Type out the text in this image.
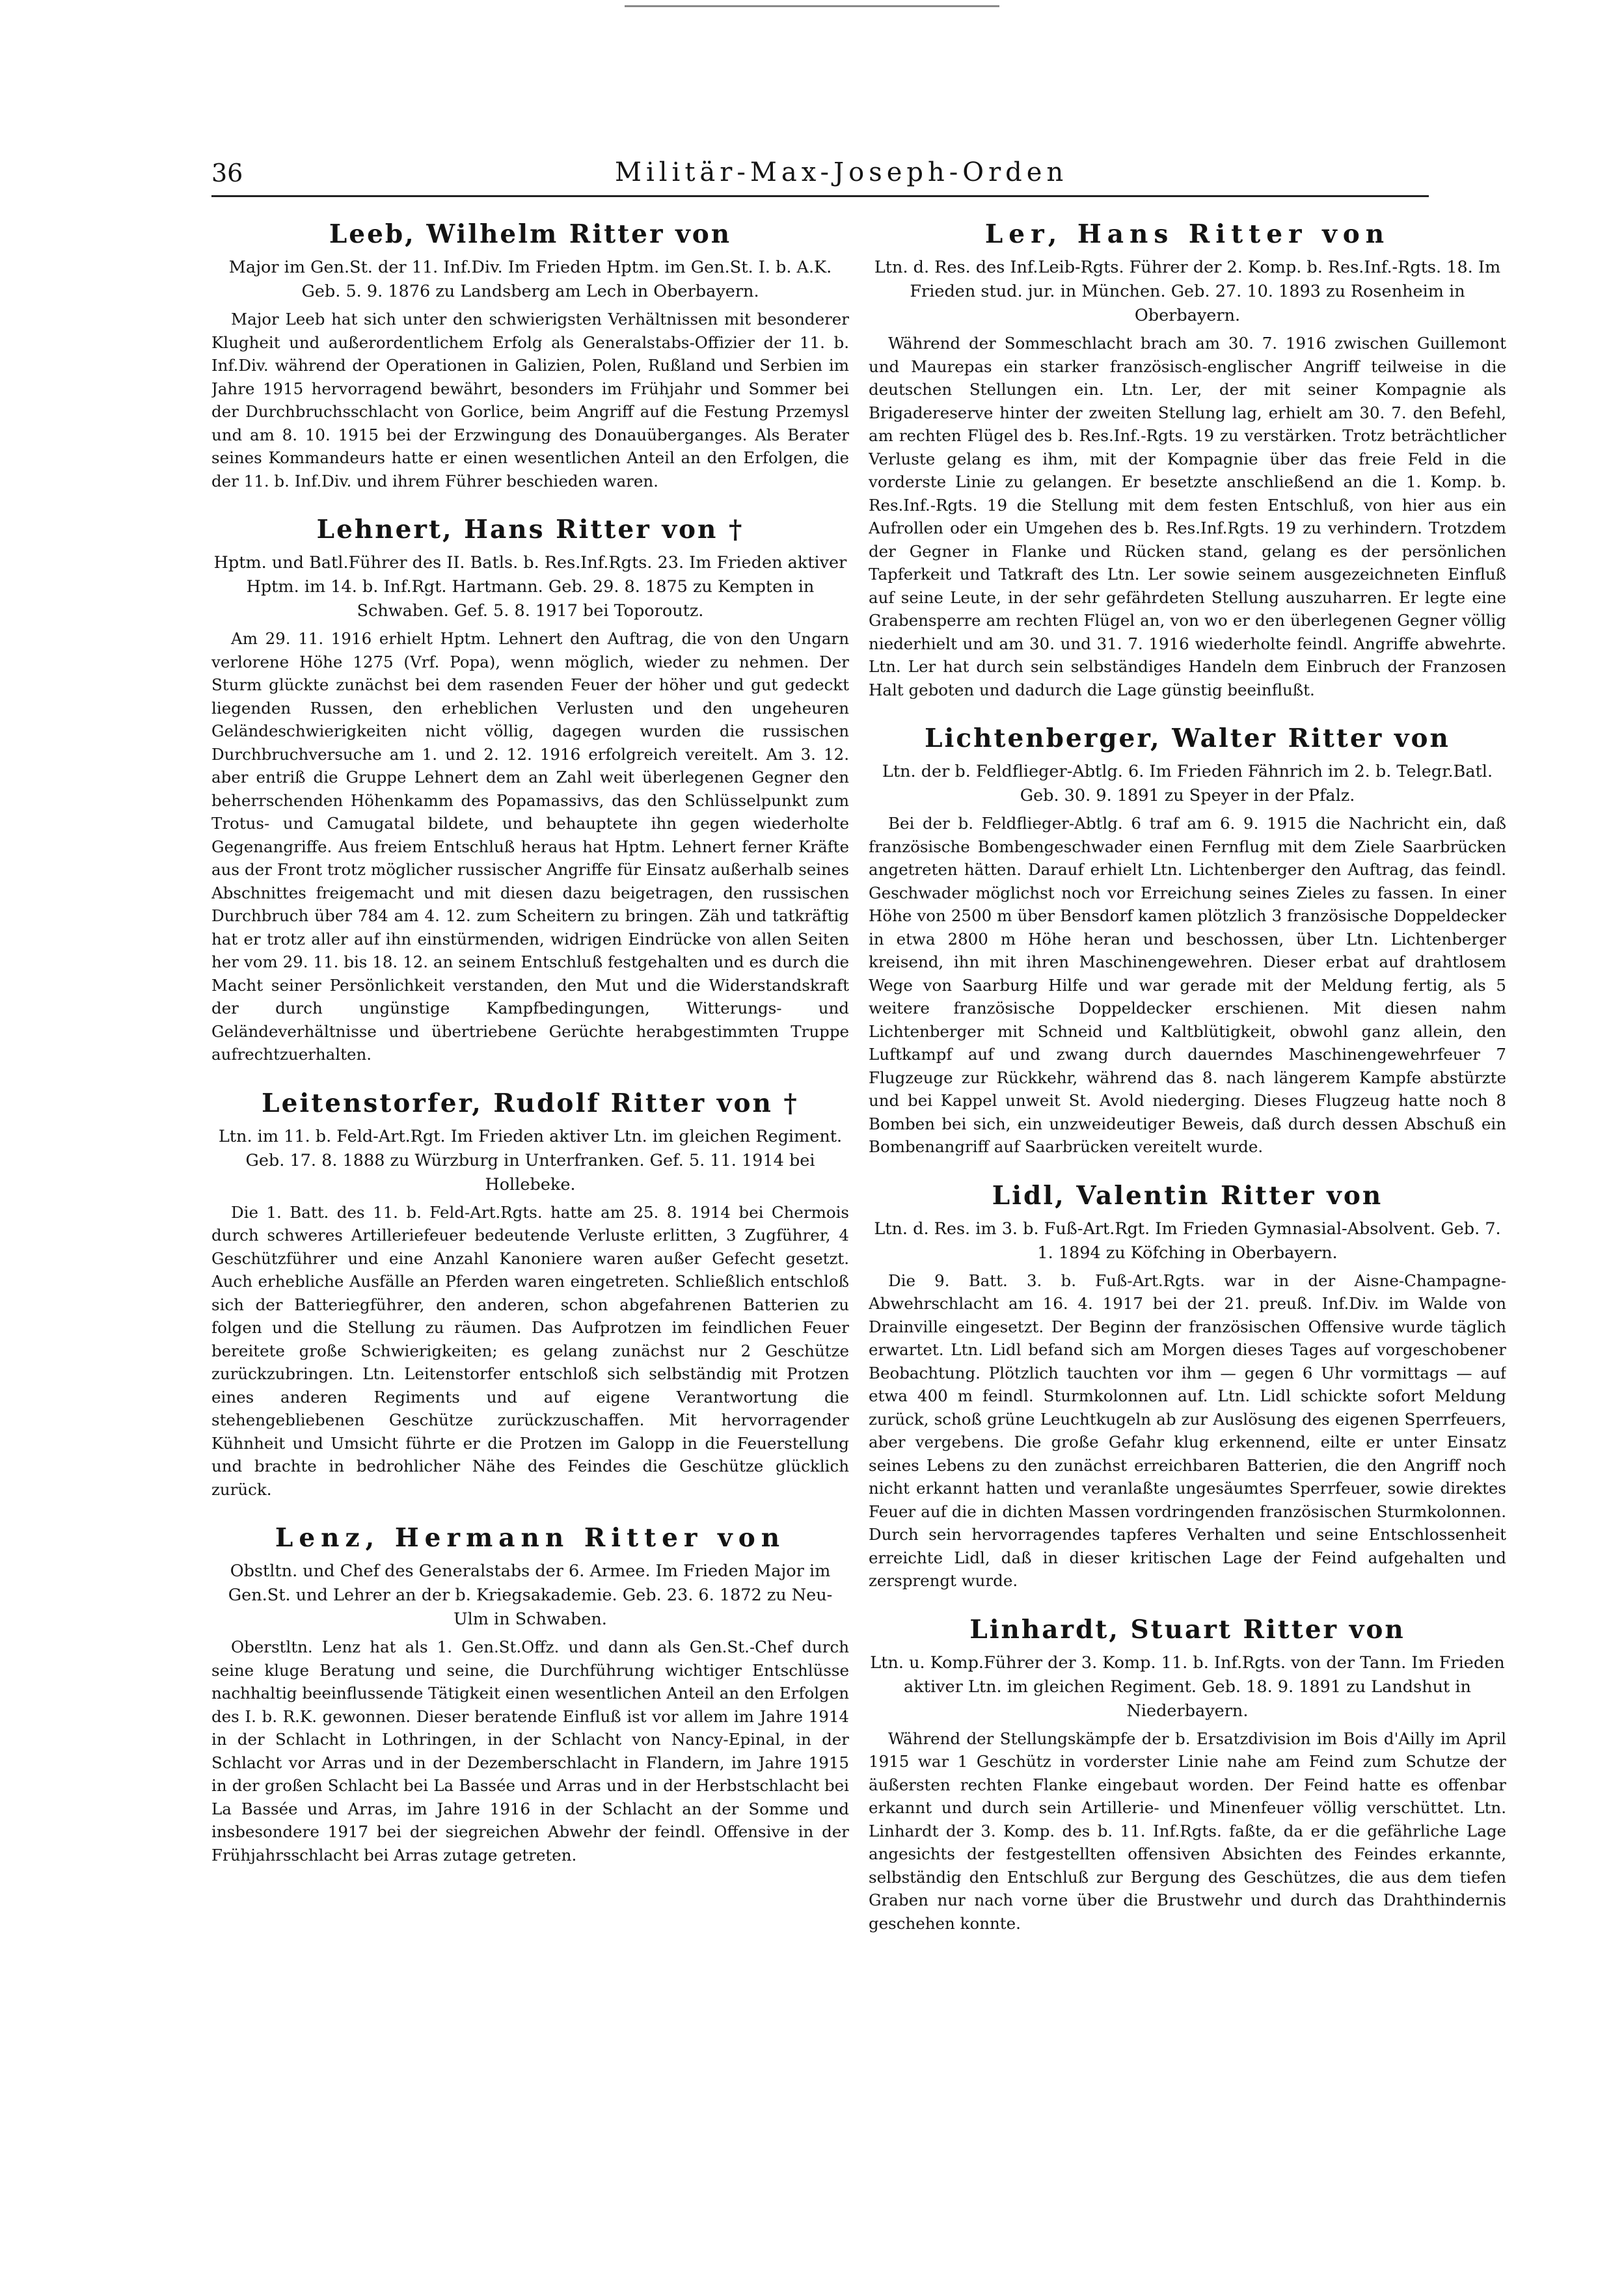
36	Militär-Max-Joseph-Orden
Leeb, Wilhelm Ritter von

Major im Gen.St. der 11. Inf.Div. Im Frieden Hptm. im Gen.St. I. b. A.K. Geb. 5. 9. 1876 zu Landsberg am Lech in Oberbayern.

Major Leeb hat sich unter den schwierigsten Verhältnissen mit besonderer Klugheit und außerordentlichem Erfolg als Generalstabs-Offizier der 11. b. Inf.Div. während der Operationen in Galizien, Polen, Rußland und Serbien im Jahre 1915 hervorragend bewährt, besonders im Frühjahr und Sommer bei der Durchbruchsschlacht von Gorlice, beim Angriff auf die Festung Przemysl und am 8. 10. 1915 bei der Erzwingung des Donauüberganges. Als Berater seines Kommandeurs hatte er einen wesentlichen Anteil an den Erfolgen, die der 11. b. Inf.Div. und ihrem Führer beschieden waren.

Lehnert, Hans Ritter von †

Hptm. und Batl.Führer des II. Batls. b. Res.Inf.Rgts. 23. Im Frieden aktiver Hptm. im 14. b. Inf.Rgt. Hartmann. Geb. 29. 8. 1875 zu Kempten in Schwaben. Gef. 5. 8. 1917 bei Toporoutz.

Am 29. 11. 1916 erhielt Hptm. Lehnert den Auftrag, die von den Ungarn verlorene Höhe 1275 (Vrf. Popa), wenn möglich, wieder zu nehmen. Der Sturm glückte zunächst bei dem rasenden Feuer der höher und gut gedeckt liegenden Russen, den erheblichen Verlusten und den ungeheuren Geländeschwierigkeiten nicht völlig, dagegen wurden die russischen Durchbruchversuche am 1. und 2. 12. 1916 erfolgreich vereitelt. Am 3. 12. aber entriß die Gruppe Lehnert dem an Zahl weit überlegenen Gegner den beherrschenden Höhenkamm des Popamassivs, das den Schlüsselpunkt zum Trotus- und Camugatal bildete, und behauptete ihn gegen wiederholte Gegenangriffe. Aus freiem Entschluß heraus hat Hptm. Lehnert ferner Kräfte aus der Front trotz möglicher russischer Angriffe für Einsatz außerhalb seines Abschnittes freigemacht und mit diesen dazu beigetragen, den russischen Durchbruch über 784 am 4. 12. zum Scheitern zu bringen. Zäh und tatkräftig hat er trotz aller auf ihn einstürmenden, widrigen Eindrücke von allen Seiten her vom 29. 11. bis 18. 12. an seinem Entschluß festgehalten und es durch die Macht seiner Persönlichkeit verstanden, den Mut und die Widerstandskraft der durch ungünstige Kampfbedingungen, Witterungs- und Geländeverhältnisse und übertriebene Gerüchte herabgestimmten Truppe aufrechtzuerhalten.

Leitenstorfer, Rudolf Ritter von †

Ltn. im 11. b. Feld-Art.Rgt. Im Frieden aktiver Ltn. im gleichen Regiment. Geb. 17. 8. 1888 zu Würzburg in Unterfranken. Gef. 5. 11. 1914 bei Hollebeke.

Die 1. Batt. des 11. b. Feld-Art.Rgts. hatte am 25. 8. 1914 bei Chermois durch schweres Artilleriefeuer bedeutende Verluste erlitten, 3 Zugführer, 4 Geschützführer und eine Anzahl Kanoniere waren außer Gefecht gesetzt. Auch erhebliche Ausfälle an Pferden waren eingetreten. Schließlich entschloß sich der Batteriegführer, den anderen, schon abgefahrenen Batterien zu folgen und die Stellung zu räumen. Das Aufprotzen im feindlichen Feuer bereitete große Schwierigkeiten; es gelang zunächst nur 2 Geschütze zurückzubringen. Ltn. Leitenstorfer entschloß sich selbständig mit Protzen eines anderen Regiments und auf eigene Verantwortung die stehengebliebenen Geschütze zurückzuschaffen. Mit hervorragender Kühnheit und Umsicht führte er die Protzen im Galopp in die Feuerstellung und brachte in bedrohlicher Nähe des Feindes die Geschütze glücklich zurück.

Lenz, Hermann Ritter von

Obstltn. und Chef des Generalstabs der 6. Armee. Im Frieden Major im Gen.St. und Lehrer an der b. Kriegsakademie. Geb. 23. 6. 1872 zu Neu-Ulm in Schwaben.

Oberstltn. Lenz hat als 1. Gen.St.Offz. und dann als Gen.St.-Chef durch seine kluge Beratung und seine, die Durchführung wichtiger Entschlüsse nachhaltig beeinflussende Tätigkeit einen wesentlichen Anteil an den Erfolgen des I. b. R.K. gewonnen. Dieser beratende Einfluß ist vor allem im Jahre 1914 in der Schlacht in Lothringen, in der Schlacht von Nancy-Epinal, in der Schlacht vor Arras und in der Dezemberschlacht in Flandern, im Jahre 1915 in der großen Schlacht bei La Bassée und Arras und in der Herbstschlacht bei La Bassée und Arras, im Jahre 1916 in der Schlacht an der Somme und insbesondere 1917 bei der siegreichen Abwehr der feindl. Offensive in der Frühjahrsschlacht bei Arras zutage getreten.

Ler, Hans Ritter von

Ltn. d. Res. des Inf.Leib-Rgts. Führer der 2. Komp. b. Res.Inf.-Rgts. 18. Im Frieden stud. jur. in München. Geb. 27. 10. 1893 zu Rosenheim in Oberbayern.

Während der Sommeschlacht brach am 30. 7. 1916 zwischen Guillemont und Maurepas ein starker französisch-englischer Angriff teilweise in die deutschen Stellungen ein. Ltn. Ler, der mit seiner Kompagnie als Brigadereserve hinter der zweiten Stellung lag, erhielt am 30. 7. den Befehl, am rechten Flügel des b. Res.Inf.-Rgts. 19 zu verstärken. Trotz beträchtlicher Verluste gelang es ihm, mit der Kompagnie über das freie Feld in die vorderste Linie zu gelangen. Er besetzte anschließend an die 1. Komp. b. Res.Inf.-Rgts. 19 die Stellung mit dem festen Entschluß, von hier aus ein Aufrollen oder ein Umgehen des b. Res.Inf.Rgts. 19 zu verhindern. Trotzdem der Gegner in Flanke und Rücken stand, gelang es der persönlichen Tapferkeit und Tatkraft des Ltn. Ler sowie seinem ausgezeichneten Einfluß auf seine Leute, in der sehr gefährdeten Stellung auszuharren. Er legte eine Grabensperre am rechten Flügel an, von wo er den überlegenen Gegner völlig niederhielt und am 30. und 31. 7. 1916 wiederholte feindl. Angriffe abwehrte. Ltn. Ler hat durch sein selbständiges Handeln dem Einbruch der Franzosen Halt geboten und dadurch die Lage günstig beeinflußt.

Lichtenberger, Walter Ritter von

Ltn. der b. Feldflieger-Abtlg. 6. Im Frieden Fähnrich im 2. b. Telegr.Batl. Geb. 30. 9. 1891 zu Speyer in der Pfalz.

Bei der b. Feldflieger-Abtlg. 6 traf am 6. 9. 1915 die Nachricht ein, daß französische Bombengeschwader einen Fernflug mit dem Ziele Saarbrücken angetreten hätten. Darauf erhielt Ltn. Lichtenberger den Auftrag, das feindl. Geschwader möglichst noch vor Erreichung seines Zieles zu fassen. In einer Höhe von 2500 m über Bensdorf kamen plötzlich 3 französische Doppeldecker in etwa 2800 m Höhe heran und beschossen, über Ltn. Lichtenberger kreisend, ihn mit ihren Maschinengewehren. Dieser erbat auf drahtlosem Wege von Saarburg Hilfe und war gerade mit der Meldung fertig, als 5 weitere französische Doppeldecker erschienen. Mit diesen nahm Lichtenberger mit Schneid und Kaltblütigkeit, obwohl ganz allein, den Luftkampf auf und zwang durch dauerndes Maschinengewehrfeuer 7 Flugzeuge zur Rückkehr, während das 8. nach längerem Kampfe abstürzte und bei Kappel unweit St. Avold niederging. Dieses Flugzeug hatte noch 8 Bomben bei sich, ein unzweideutiger Beweis, daß durch dessen Abschuß ein Bombenangriff auf Saarbrücken vereitelt wurde.

Lidl, Valentin Ritter von

Ltn. d. Res. im 3. b. Fuß-Art.Rgt. Im Frieden Gymnasial-Absolvent. Geb. 7. 1. 1894 zu Köfching in Oberbayern.

Die 9. Batt. 3. b. Fuß-Art.Rgts. war in der Aisne-Champagne-Abwehrschlacht am 16. 4. 1917 bei der 21. preuß. Inf.Div. im Walde von Drainville eingesetzt. Der Beginn der französischen Offensive wurde täglich erwartet. Ltn. Lidl befand sich am Morgen dieses Tages auf vorgeschobener Beobachtung. Plötzlich tauchten vor ihm — gegen 6 Uhr vormittags — auf etwa 400 m feindl. Sturmkolonnen auf. Ltn. Lidl schickte sofort Meldung zurück, schoß grüne Leuchtkugeln ab zur Auslösung des eigenen Sperrfeuers, aber vergebens. Die große Gefahr klug erkennend, eilte er unter Einsatz seines Lebens zu den zunächst erreichbaren Batterien, die den Angriff noch nicht erkannt hatten und veranlaßte ungesäumtes Sperrfeuer, sowie direktes Feuer auf die in dichten Massen vordringenden französischen Sturmkolonnen. Durch sein hervorragendes tapferes Verhalten und seine Entschlossenheit erreichte Lidl, daß in dieser kritischen Lage der Feind aufgehalten und zersprengt wurde.

Linhardt, Stuart Ritter von

Ltn. u. Komp.Führer der 3. Komp. 11. b. Inf.Rgts. von der Tann. Im Frieden aktiver Ltn. im gleichen Regiment. Geb. 18. 9. 1891 zu Landshut in Niederbayern.

Während der Stellungskämpfe der b. Ersatzdivision im Bois d'Ailly im April 1915 war 1 Geschütz in vorderster Linie nahe am Feind zum Schutze der äußersten rechten Flanke eingebaut worden. Der Feind hatte es offenbar erkannt und durch sein Artillerie- und Minenfeuer völlig verschüttet. Ltn. Linhardt der 3. Komp. des b. 11. Inf.Rgts. faßte, da er die gefährliche Lage angesichts der festgestellten offensiven Absichten des Feindes erkannte, selbständig den Entschluß zur Bergung des Geschützes, die aus dem tiefen Graben nur nach vorne über die Brustwehr und durch das Drahthindernis geschehen konnte.
